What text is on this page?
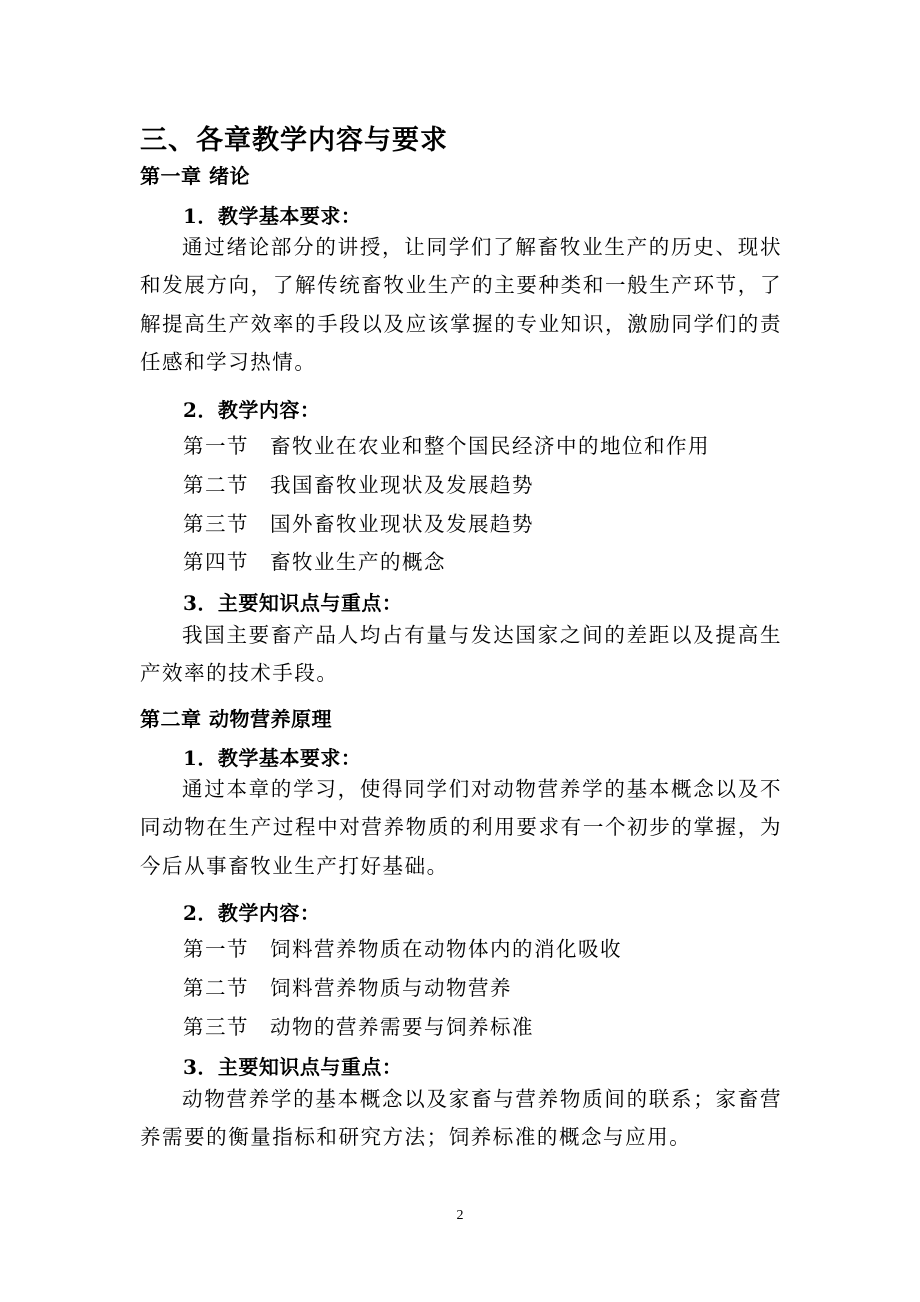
三、各章教学内容与要求
第一章 绪论
1．教学基本要求：
通过绪论部分的讲授，让同学们了解畜牧业生产的历史、现状和发展方向，了解传统畜牧业生产的主要种类和一般生产环节，了解提高生产效率的手段以及应该掌握的专业知识，激励同学们的责任感和学习热情。
2．教学内容：
第一节 畜牧业在农业和整个国民经济中的地位和作用
第二节 我国畜牧业现状及发展趋势
第三节 国外畜牧业现状及发展趋势
第四节 畜牧业生产的概念
3．主要知识点与重点：
我国主要畜产品人均占有量与发达国家之间的差距以及提高生产效率的技术手段。
第二章 动物营养原理
1．教学基本要求：
通过本章的学习，使得同学们对动物营养学的基本概念以及不同动物在生产过程中对营养物质的利用要求有一个初步的掌握，为今后从事畜牧业生产打好基础。
2．教学内容：
第一节 饲料营养物质在动物体内的消化吸收
第二节 饲料营养物质与动物营养
第三节 动物的营养需要与饲养标准
3．主要知识点与重点：
动物营养学的基本概念以及家畜与营养物质间的联系；家畜营养需要的衡量指标和研究方法；饲养标准的概念与应用。
2
